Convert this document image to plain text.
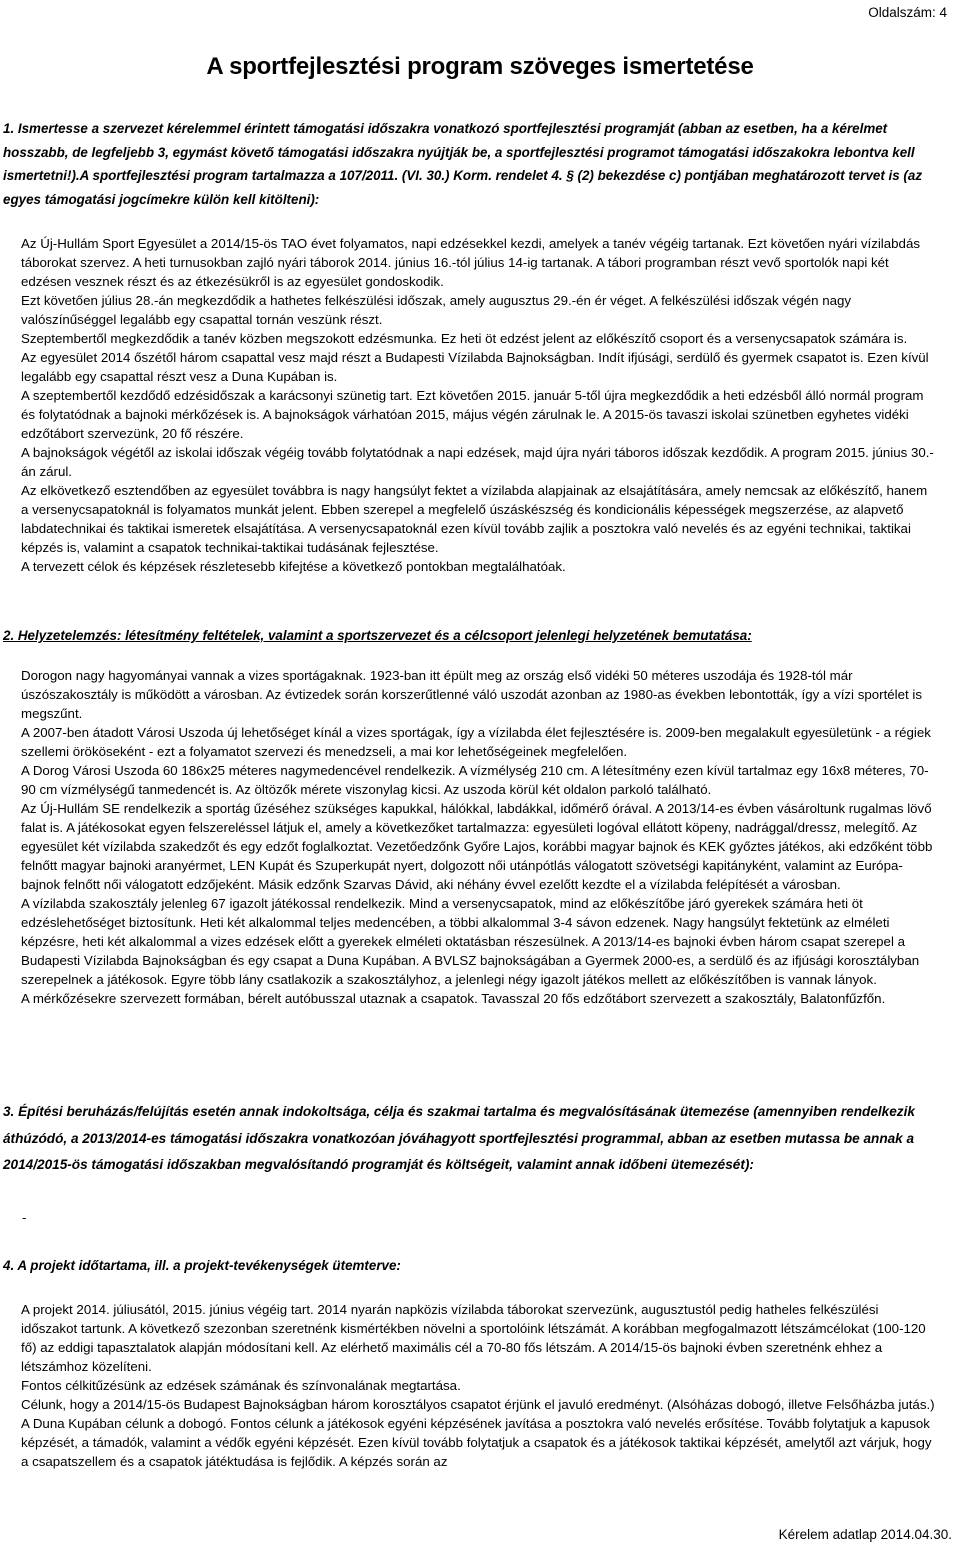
Oldalszám: 4
A sportfejlesztési program szöveges ismertetése
1. Ismertesse a szervezet kérelemmel érintett támogatási időszakra vonatkozó sportfejlesztési programját (abban az esetben, ha a kérelmet hosszabb, de legfeljebb 3, egymást követő támogatási időszakra nyújtják be, a sportfejlesztési programot támogatási időszakokra lebontva kell ismertetni!).A sportfejlesztési program tartalmazza a 107/2011. (VI. 30.) Korm. rendelet 4. § (2) bekezdése c) pontjában meghatározott tervet is (az egyes támogatási jogcímekre külön kell kitölteni):

Az Új-Hullám Sport Egyesület a 2014/15-ös TAO évet folyamatos, napi edzésekkel kezdi, amelyek a tanév végéig tartanak. Ezt követően nyári vízilabdás táborokat szervez. A heti turnusokban zajló nyári táborok 2014. június 16.-tól július 14-ig tartanak. A tábori programban részt vevő sportolók napi két edzésen vesznek részt és az étkezésükről is az egyesület gondoskodik.

Ezt követően július 28.-án megkezdődik a hathetes felkészülési időszak, amely augusztus 29.-én ér véget. A felkészülési időszak végén nagy valószínűséggel legalább egy csapattal tornán veszünk részt.

Szeptembertől megkezdődik a tanév közben megszokott edzésmunka. Ez heti öt edzést jelent az előkészítő csoport és a versenycsapatok számára is.

Az egyesület 2014 őszétől három csapattal vesz majd részt a Budapesti Vízilabda Bajnokságban. Indít ifjúsági, serdülő és gyermek csapatot is. Ezen kívül legalább egy csapattal részt vesz a Duna Kupában is.

A szeptembertől kezdődő edzésidőszak a karácsonyi szünetig tart. Ezt követően 2015. január 5-től újra megkezdődik a heti edzésből álló normál program és folytatódnak a bajnoki mérkőzések is. A bajnokságok várhatóan 2015, május végén zárulnak le. A 2015-ös tavaszi iskolai szünetben egyhetes vidéki edzőtábort szervezünk, 20 fő részére.

A bajnokságok végétől az iskolai időszak végéig tovább folytatódnak a napi edzések, majd újra nyári táboros időszak kezdődik. A program 2015. június 30.-án zárul.

Az elkövetkező esztendőben az egyesület továbbra is nagy hangsúlyt fektet a vízilabda alapjainak az elsajátítására, amely nemcsak az előkészítő, hanem a versenycsapatoknál is folyamatos munkát jelent. Ebben szerepel a megfelelő úszáskészség és kondicionális képességek megszerzése, az alapvető labdatechnikai és taktikai ismeretek elsajátítása. A versenycsapatoknál ezen kívül tovább zajlik a posztokra való nevelés és az egyéni technikai, taktikai képzés is, valamint a csapatok technikai-taktikai tudásának fejlesztése.

A tervezett célok és képzések részletesebb kifejtése a következő pontokban megtalálhatóak.

2. Helyzetelemzés: létesítmény feltételek, valamint a sportszervezet és a célcsoport jelenlegi helyzetének bemutatása:

Dorogon nagy hagyományai vannak a vizes sportágaknak. 1923-ban itt épült meg az ország első vidéki 50 méteres uszodája és 1928-tól már úszószakosztály is működött a városban. Az évtizedek során korszerűtlenné váló uszodát azonban az 1980-as években lebontották, így a vízi sportélet is megszűnt.

A 2007-ben átadott Városi Uszoda új lehetőséget kínál a vizes sportágak, így a vízilabda élet fejlesztésére is. 2009-ben megalakult egyesületünk - a régiek szellemi örököseként - ezt a folyamatot szervezi és menedzseli, a mai kor lehetőségeinek megfelelően.

A Dorog Városi Uszoda 60 186x25 méteres nagymedencével rendelkezik. A vízmélység 210 cm. A létesítmény ezen kívül tartalmaz egy 16x8 méteres, 70-90 cm vízmélységű tanmedencét is. Az öltözők mérete viszonylag kicsi. Az uszoda körül két oldalon parkoló található.

Az Új-Hullám SE rendelkezik a sportág űzéséhez szükséges kapukkal, hálókkal, labdákkal, időmérő órával. A 2013/14-es évben vásároltunk rugalmas lövő falat is. A játékosokat egyen felszereléssel látjuk el, amely a következőket tartalmazza: egyesületi logóval ellátott köpeny, nadrággal/dressz, melegítő. Az egyesület két vízilabda szakedzőt és egy edzőt foglalkoztat. Vezetőedzőnk Győre Lajos, korábbi magyar bajnok és KEK győztes játékos, aki edzőként több felnőtt magyar bajnoki aranyérmet, LEN Kupát és Szuperkupát nyert, dolgozott női utánpótlás válogatott szövetségi kapitányként, valamint az Európa-bajnok felnőtt női válogatott edzőjeként. Másik edzőnk Szarvas Dávid, aki néhány évvel ezelőtt kezdte el a vízilabda felépítését a városban.

A vízilabda szakosztály jelenleg 67 igazolt játékossal rendelkezik. Mind a versenycsapatok, mind az előkészítőbe járó gyerekek számára heti öt edzéslehetőséget biztosítunk. Heti két alkalommal teljes medencében, a többi alkalommal 3-4 sávon edzenek. Nagy hangsúlyt fektetünk az elméleti képzésre, heti két alkalommal a vizes edzések előtt a gyerekek elméleti oktatásban részesülnek. A 2013/14-es bajnoki évben három csapat szerepel a Budapesti Vízilabda Bajnokságban és egy csapat a Duna Kupában. A BVLSZ bajnokságában a Gyermek 2000-es, a serdülő és az ifjúsági korosztályban szerepelnek a játékosok. Egyre több lány csatlakozik a szakosztályhoz, a jelenlegi négy igazolt játékos mellett az előkészítőben is vannak lányok.

A mérkőzésekre szervezett formában, bérelt autóbusszal utaznak a csapatok. Tavasszal 20 fős edzőtábort szervezett a szakosztály, Balatonfűzfőn.

3. Építési beruházás/felújítás esetén annak indokoltsága, célja és szakmai tartalma és megvalósításának ütemezése (amennyiben rendelkezik áthúzódó, a 2013/2014-es támogatási időszakra vonatkozóan jóváhagyott sportfejlesztési programmal, abban az esetben mutassa be annak a 2014/2015-ös támogatási időszakban megvalósítandó programját és költségeit, valamint annak időbeni ütemezését):
-
4. A projekt időtartama, ill. a projekt-tevékenységek ütemterve:

A projekt 2014. júliusától, 2015. június végéig tart. 2014 nyarán napközis vízilabda táborokat szervezünk, augusztustól pedig hatheles felkészülési időszakot tartunk. A következő szezonban szeretnénk kismértékben növelni a sportolóink létszámát. A korábban megfogalmazott létszámcélokat (100-120 fő) az eddigi tapasztalatok alapján módosítani kell. Az elérhető maximális cél a 70-80 fős létszám. A 2014/15-ös bajnoki évben szeretnénk ehhez a létszámhoz közelíteni.

Fontos célkitűzésünk az edzések számának és színvonalának megtartása.

Célunk, hogy a 2014/15-ös Budapest Bajnokságban három korosztályos csapatot érjünk el javuló eredményt. (Alsóházas dobogó, illetve Felsőházba jutás.) A Duna Kupában célunk a dobogó. Fontos célunk a játékosok egyéni képzésének javítása a posztokra való nevelés erősítése. Tovább folytatjuk a kapusok képzését, a támadók, valamint a védők egyéni képzését. Ezen kívül tovább folytatjuk a csapatok és a játékosok taktikai képzését, amelytől azt várjuk, hogy a csapatszellem és a csapatok játéktudása is fejlődik. A képzés során az

Kérelem adatlap 2014.04.30.
